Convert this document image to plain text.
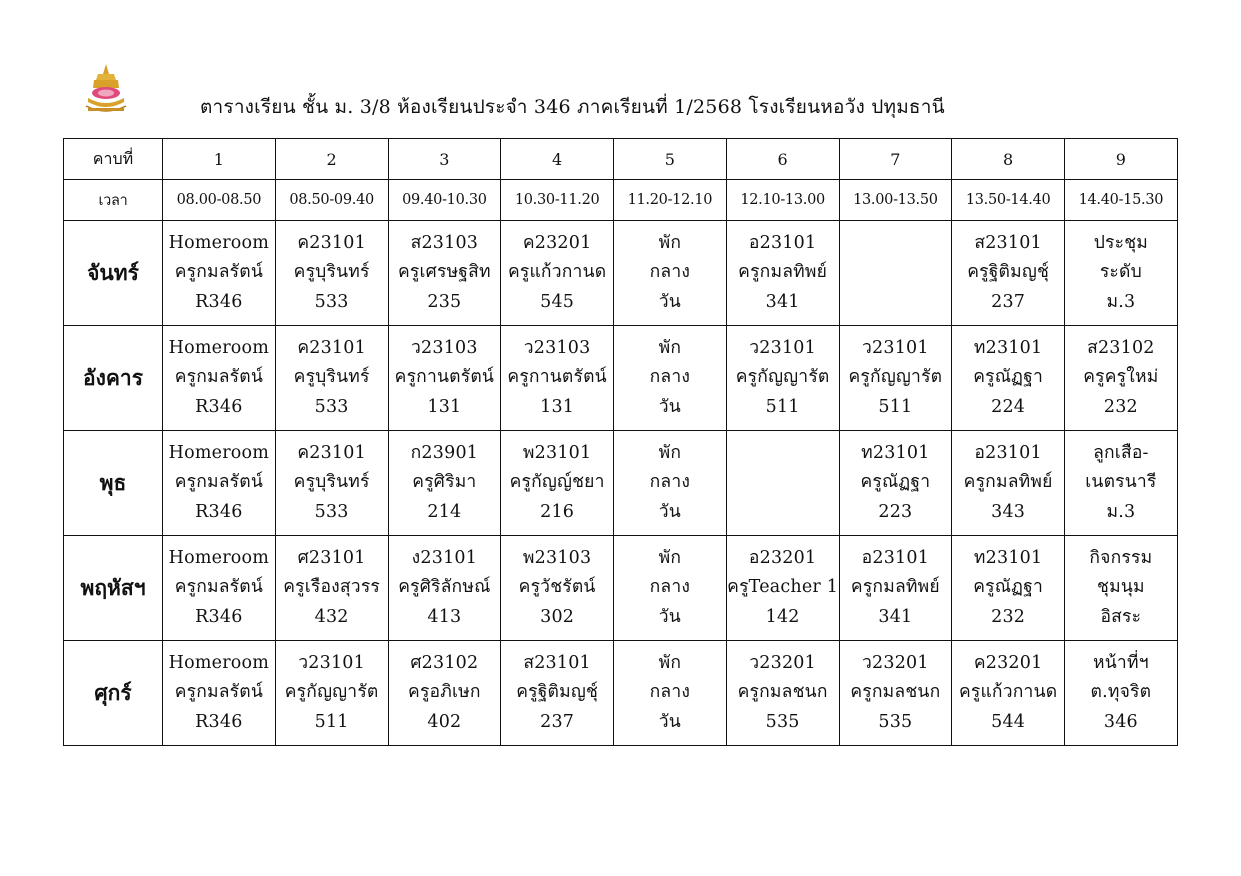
ตารางเรียน ชั้น ม. 3/8 ห้องเรียนประจำ 346 ภาคเรียนที่ 1/2568 โรงเรียนหอวัง ปทุมธานี
คาบที่	1	2	3	4	5	6	7	8	9
เวลา	08.00-08.50	08.50-09.40	09.40-10.30	10.30-11.20	11.20-12.10	12.10-13.00	13.00-13.50	13.50-14.40	14.40-15.30
จันทร์	Homeroom
ครูกมลรัตน์
R346	ค23101
ครูบุรินทร์
533	ส23103
ครูเศรษฐสิท
235	ค23201
ครูแก้วกานด
545	พัก
กลาง
วัน	อ23101
ครูกมลทิพย์
341		ส23101
ครูฐิติมญชุ์
237	ประชุม
ระดับ
ม.3

อังคาร	Homeroom
ครูกมลรัตน์
R346	ค23101
ครูบุรินทร์
533	ว23103
ครูกานตรัตน์
131	ว23103
ครูกานตรัตน์
131	พัก
กลาง
วัน	ว23101
ครูกัญญารัต
511	ว23101
ครูกัญญารัต
511	ท23101
ครูณัฏฐา
224	ส23102
ครูครูใหม่
232

พุธ	Homeroom
ครูกมลรัตน์
R346	ค23101
ครูบุรินทร์
533	ก23901
ครูศิริมา
214	พ23101
ครูกัญญ์ชยา
216	พัก
กลาง
วัน		ท23101
ครูณัฏฐา
223	อ23101
ครูกมลทิพย์
343	ลูกเสือ-
เนตรนารี
ม.3

พฤหัสฯ	Homeroom
ครูกมลรัตน์
R346	ศ23101
ครูเรืองสุวรร
432	ง23101
ครูศิริลักษณ์
413	พ23103
ครูวัชรัตน์
302	พัก
กลาง
วัน	อ23201
ครูTeacher 1
142	อ23101
ครูกมลทิพย์
341	ท23101
ครูณัฏฐา
232	กิจกรรม
ชุมนุม
อิสระ

ศุกร์	Homeroom
ครูกมลรัตน์
R346	ว23101
ครูกัญญารัต
511	ศ23102
ครูอภิเษก
402	ส23101
ครูฐิติมญชุ์
237	พัก
กลาง
วัน	ว23201
ครูกมลชนก
535	ว23201
ครูกมลชนก
535	ค23201
ครูแก้วกานด
544	หน้าที่ฯ
ต.ทุจริต
346
